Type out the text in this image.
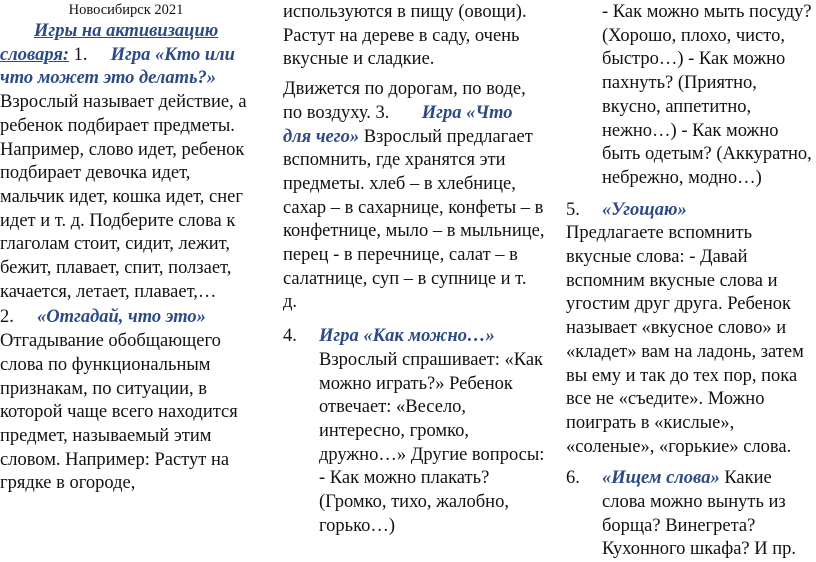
Новосибирск 2021

Игры на активизацию словаря: 1. Игра «Кто или что может это делать?» Взрослый называет действие, а ребенок подбирает предметы. Например, слово идет, ребенок подбирает девочка идет, мальчик идет, кошка идет, снег идет и т. д. Подберите слова к глаголам стоит, сидит, лежит, бежит, плавает, спит, ползает, качается, летает, плавает,…

2. «Отгадай, что это» Отгадывание обобщающего слова по функциональным признакам, по ситуации, в которой чаще всего находится предмет, называемый этим словом. Например: Растут на грядке в огороде,

используются в пищу (овощи). Растут на дереве в саду, очень вкусные и сладкие.

Движется по дорогам, по воде, по воздуху. 3. Игра «Что для чего» Взрослый предлагает вспомнить, где хранятся эти предметы. хлеб – в хлебнице, сахар – в сахарнице, конфеты – в конфетнице, мыло – в мыльнице, перец - в перечнице, салат – в салатнице, суп – в супнице и т. д.

4. Игра «Как можно…» Взрослый спрашивает: «Как можно играть?» Ребенок отвечает: «Весело, интересно, громко, дружно…» Другие вопросы: - Как можно плакать? (Громко, тихо, жалобно, горько…)

- Как можно мыть посуду? (Хорошо, плохо, чисто, быстро…) - Как можно пахнуть? (Приятно, вкусно, аппетитно, нежно…) - Как можно быть одетым? (Аккуратно, небрежно, модно…)

5. «Угощаю»

Предлагаете вспомнить вкусные слова: - Давай вспомним вкусные слова и угостим друг друга. Ребенок называет «вкусное слово» и «кладет» вам на ладонь, затем вы ему и так до тех пор, пока все не «съедите». Можно поиграть в «кислые», «соленые», «горькие» слова.

6. «Ищем слова» Какие слова можно вынуть из борща? Винегрета? Кухонного шкафа? И пр.
